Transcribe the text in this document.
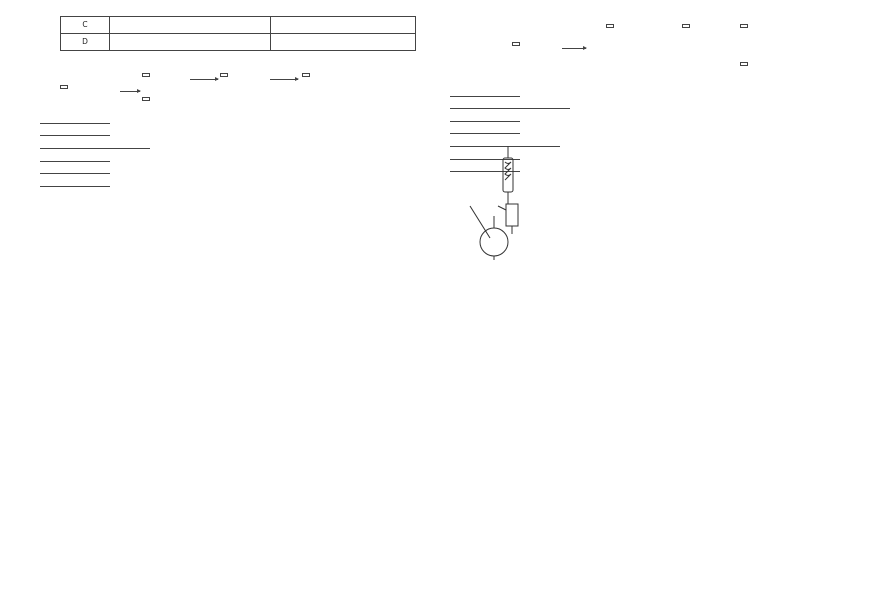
C		
D		
